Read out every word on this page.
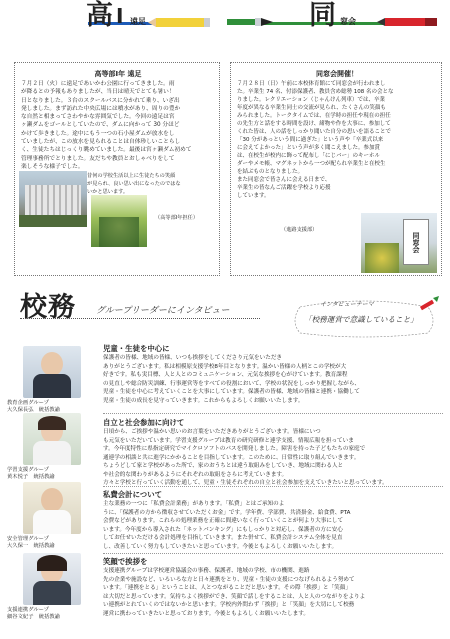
高 Ⅰ 遠足	同 窓会
高等部Ⅰ年 遠足
７月２日（火）に遠足であいかわ公園に行ってきました。雨
が降るとの予報もありましたが、当日は晴天でとても暑い！
日となりました。３台のスクールバスに分かれて乗り、いざ出
発しました。まず訪れた中央広場には噴水があり、周りの豊か
な自然と相まってさわやかな雰囲気でした。今回の遠足は宮
ヶ瀬ダムをゴールとしていたので、ダムに向かって 30 分ほど
かけて歩きました。途中にもう一つの石小屋ダムが放水をし
ていましたが、この放水を見られることは自体珍しいことらし
く、生徒たちはじっくり眺めていました。最後は宮ヶ瀬ダム初めて
管理事務所でとりました。友だちや教員とおしゃべりをして
楽しそうな様子でした。
昔何の学校生活以上に生徒たちの笑顔
が見られ、良い思い出になったのではな
いかと思います。
（高等部Ⅰ年担任）
同窓会開催！
７月２８日（日）午前に本校体育館にて同窓会が行われまし
た。卒業生 74 名、付添保護者、教員含め総勢 108 名の会とな
りました。レクリエーション（じゃんけん列車）では、卒業
年度が異なる卒業生同士の交流が見られ、たくさんの笑顔も
みられました。トークタイムでは、在学時の担任や現在の担任
の先生方と話をする時間を設け、緒物や作を大事に、参加して
くれた皆は、人の話をしっかり聞いた自分の思いを語ることで
「30 分があっという間に過ぎた」という声や「卒業式以来
に会えてよかった」という声が多く聞こえました。参加賞
は、在校生が校内に飾って配布し「にじバー」のキーホル
ダーやメモ帳、マグネットから一つが配られ卒業生と在校生
を結ぶものとなりました。
また同窓会で皆さんに会える日まで、
卒業生の皆なんご活躍を学校より応援
しています。
（進路支援部）
同窓会
校務 グループリーダーにインタビュー
インタビューテーマ
「校務運営で意識していること」
教育企画グループ
大久保長弘　統括教諭
児童・生徒を中心に
保護者の皆様、地域の皆様、いつも挨拶をしてくださり元気をいただき
ありがとうございます。私は相模原支援学校8年目となります。温かい皆様の人柄とこの学校が大
好きです。私も実目標、人と人とのコミュニケーション、元気な挨拶を心がけています。教育課程
の見直しや総合防災訓練、行事運営等をすべての役割において、学校の状況をしっかり把握しながら、
児童・生徒を中心に考えていくことを大事にしています。保護者の皆様、地域の皆様と連携・協働して
児童・生徒の成長を見守っていきます。これからもよろしくお願いいたします。
学習支援グループ
黄木悦子　統括教諭
自立と社会参加に向けて
日頃から、ご挨拶や温かい思いのお言葉をいただきありがとうございます。皆様にいつ
も元気をいただいています。学習支援グループは教育の研究研修と連学支援、情報広報を担っていま
す。今年度特性に県指定研究でマイクロソフトのパスを開発しました。障害を持った子どもたちの家庭で
通連学の相談と共に進学にかかることを目指しています。このために、日常性に取り組んでいきます。
ちょうどして家と学校があった所で、家のおうちとは違う取組みをしていき、地域に関わる人と
や社会的な関わりがあるようにそれぞれの取組をさらに考えていきます。
方々と学校と行っていく活動を通して、児童・生徒それぞれの自立と社会参加を支えていきたいと思っています。
安全管理グループ
大久保一　統括教諭
私費会計について
主な業務の一つに「私費会計業務」があります。「私費」とはご承知のよ
うに、「保護者の方から徴収させていただくお金」です。学年費、学部費、共済掛金、給食費、PTA
会費などがあります。これらの処理業務を正確に間違いなく行っていくことが何より大事にして
います。今年度から導入された「ネットバンキング」にもしっかりと対応し、保護者の方に安心
してお任せいただける会計処理を目指していきます。また併せて、私費会計システム全体を見直
し、改善していく努力もしていきたいと思っています。今後ともよろしくお願いいたします。
支援連携グループ
細谷文紀子　統括教諭
笑顔で挨拶を
支援連携グループは学校運営協議会の事務、保護者、地域の学校、市の機関、進路
先の企業や施設など、いろいろな方と日々連携をとり、児童・生徒の支援につなげられるよう努めて
います。「連携をとる」ということは、人とつながることだと思います。その際「挨拶」と「笑顔」
は大切だと思っています。気持ちよく挨拶ができ、笑顔で話しをすることは、人と人のつながりをよりよ
い連携がとれていくのではないかと思います。学校内外問わず「挨拶」と「笑顔」を大切にして校務
運営に携わっていきたいと思っております。今後ともよろしくお願いいたします。
